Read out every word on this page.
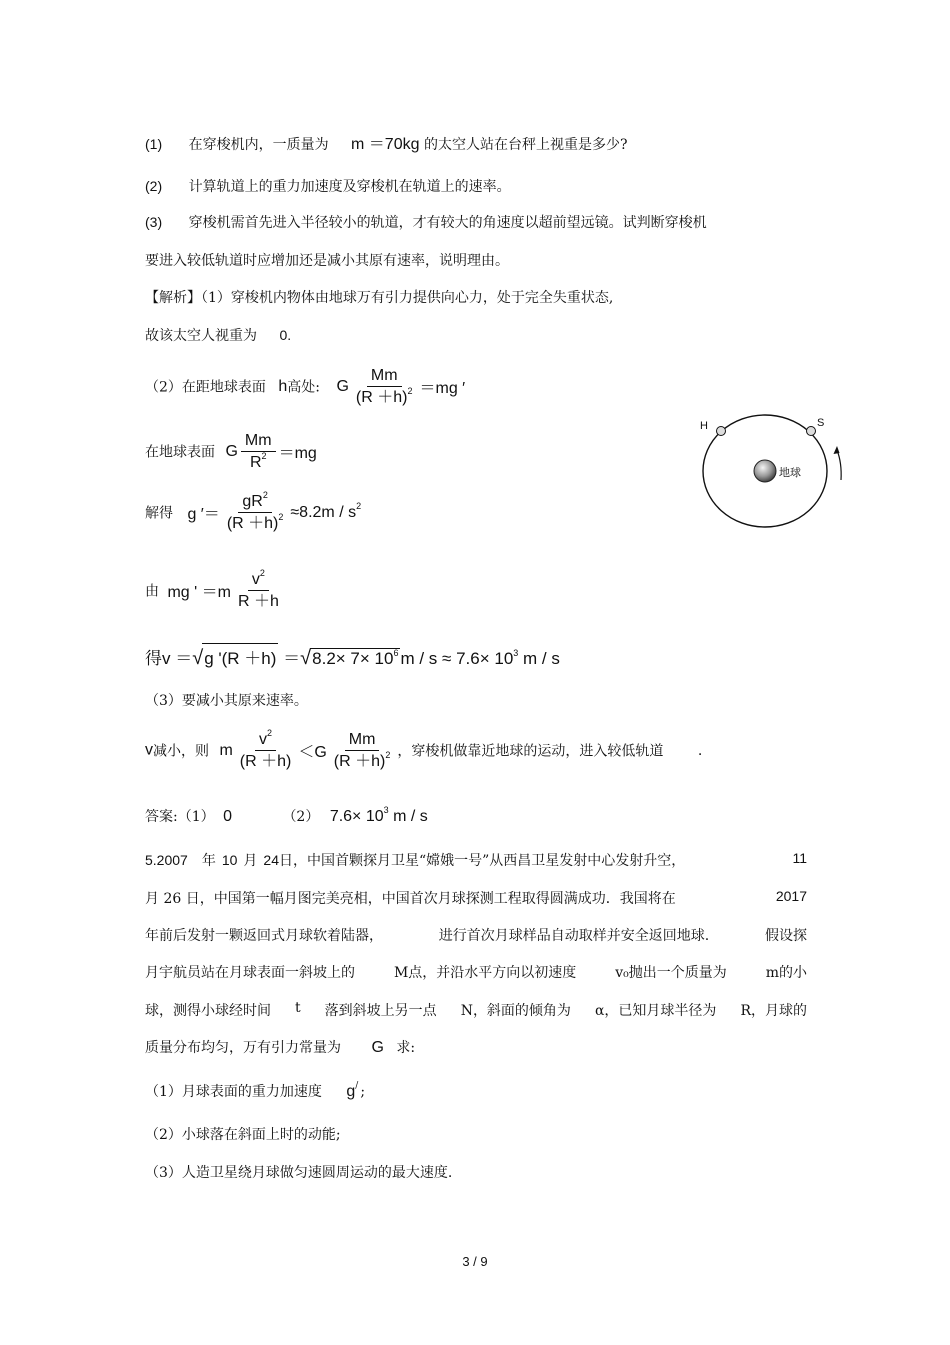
(1) 在穿梭机内，一质量为 m ＝70kg 的太空人站在台秤上视重是多少?
(2) 计算轨道上的重力加速度及穿梭机在轨道上的速率。
(3) 穿梭机需首先进入半径较小的轨道，才有较大的角速度以超前望远镜。试判断穿梭机
要进入较低轨道时应增加还是减小其原有速率，说明理由。
【解析】（1）穿梭机内物体由地球万有引力提供向心力，处于完全失重状态,
故该太空人视重为 0.
（2）在距地球表面 h高处: G $\frac{Mm}{(R +h)^2} =mg$ ′
在地球表面 G $\frac{Mm}{R^2} =mg$
解得 g ′＝ $\frac{gR^2}{(R +h)^2} \approx 8.2m / s^2$
由 mg ' $=m \frac{v^2}{R +h}$
得v ＝√g '$(R +h) =√8.2\times 7\times 10^6$ $m / s \approx 7.6\times 10^3$ m / s
（3）要减小其原来速率。
v减小，则 m $\frac{v^2}{(R +h)} <G \frac{Mm}{(R +h)^2}$ ，穿梭机做靠近地球的运动，进入较低轨道 .
答案:（1） 0	（2） $7.6\times 10^3$ m / s
5.2007 年 10 月 24日，中国首颗探月卫星“嫦娥一号”从西昌卫星发射中心发射升空，	11
月 26 日，中国第一幅月图完美亮相，中国首次月球探测工程取得圆满成功．我国将在	2017
年前后发射一颗返回式月球软着陆器，	进行首次月球样品自动取样并安全返回地球.	假设探
月宇航员站在月球表面一斜坡上的	M点，并沿水平方向以初速度	v₀抛出一个质量为	m的小
球，测得小球经时间 t 落到斜坡上另一点 N，斜面的倾角为 α，已知月球半径为 R，月球的
质量分布均匀，万有引力常量为 G 求:
（1）月球表面的重力加速度 g/ ;
（2）小球落在斜面上时的动能;
（3）人造卫星绕月球做匀速圆周运动的最大速度.
H	S
地球
3 / 9
